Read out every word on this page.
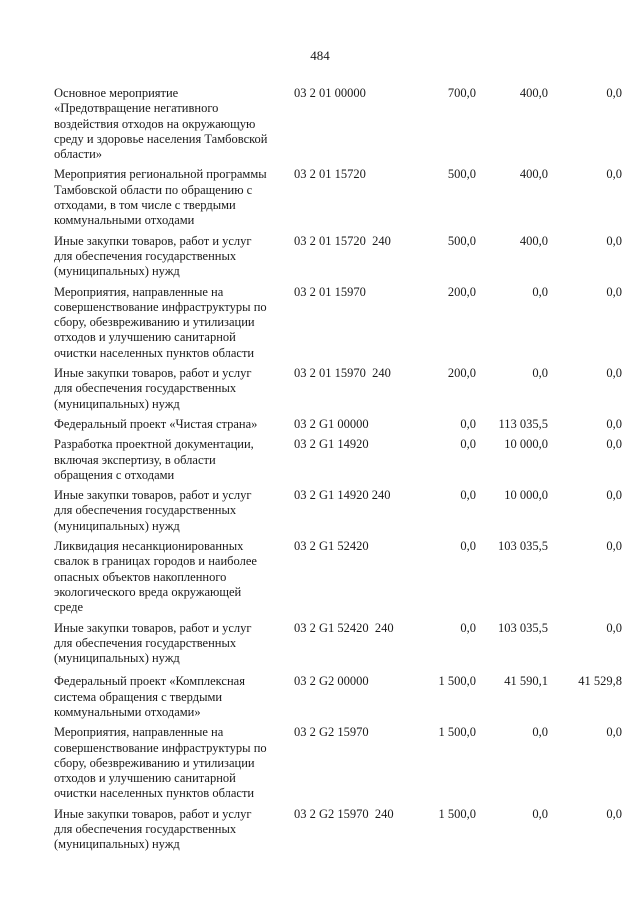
484
Основное мероприятие
«Предотвращение негативного
воздействия отходов на окружающую
среду и здоровье населения Тамбовской
области»
03 2 01 00000	700,0	400,0	0,0
Мероприятия региональной программы
Тамбовской области по обращению с
отходами, в том числе с твердыми
коммунальными отходами
03 2 01 15720	500,0	400,0	0,0
Иные закупки товаров, работ и услуг
для обеспечения государственных
(муниципальных) нужд
03 2 01 15720  240	500,0	400,0	0,0
Мероприятия, направленные на
совершенствование инфраструктуры по
сбору, обезвреживанию и утилизации
отходов и улучшению санитарной
очистки населенных пунктов области
03 2 01 15970	200,0	0,0	0,0
Иные закупки товаров, работ и услуг
для обеспечения государственных
(муниципальных) нужд
03 2 01 15970  240	200,0	0,0	0,0
Федеральный проект «Чистая страна»	03 2 G1 00000	0,0	113 035,5	0,0
Разработка проектной документации,
включая экспертизу, в области
обращения с отходами
03 2 G1 14920	0,0	10 000,0	0,0
Иные закупки товаров, работ и услуг
для обеспечения государственных
(муниципальных) нужд
03 2 G1 14920 240	0,0	10 000,0	0,0
Ликвидация несанкционированных
свалок в границах городов и наиболее
опасных объектов накопленного
экологического вреда окружающей
среде
03 2 G1 52420	0,0	103 035,5	0,0
Иные закупки товаров, работ и услуг
для обеспечения государственных
(муниципальных) нужд
03 2 G1 52420  240	0,0	103 035,5	0,0
Федеральный проект «Комплексная
система обращения с твердыми
коммунальными отходами»
03 2 G2 00000	1 500,0	41 590,1	41 529,8
Мероприятия, направленные на
совершенствование инфраструктуры по
сбору, обезвреживанию и утилизации
отходов и улучшению санитарной
очистки населенных пунктов области
03 2 G2 15970	1 500,0	0,0	0,0
Иные закупки товаров, работ и услуг
для обеспечения государственных
(муниципальных) нужд
03 2 G2 15970  240	1 500,0	0,0	0,0
